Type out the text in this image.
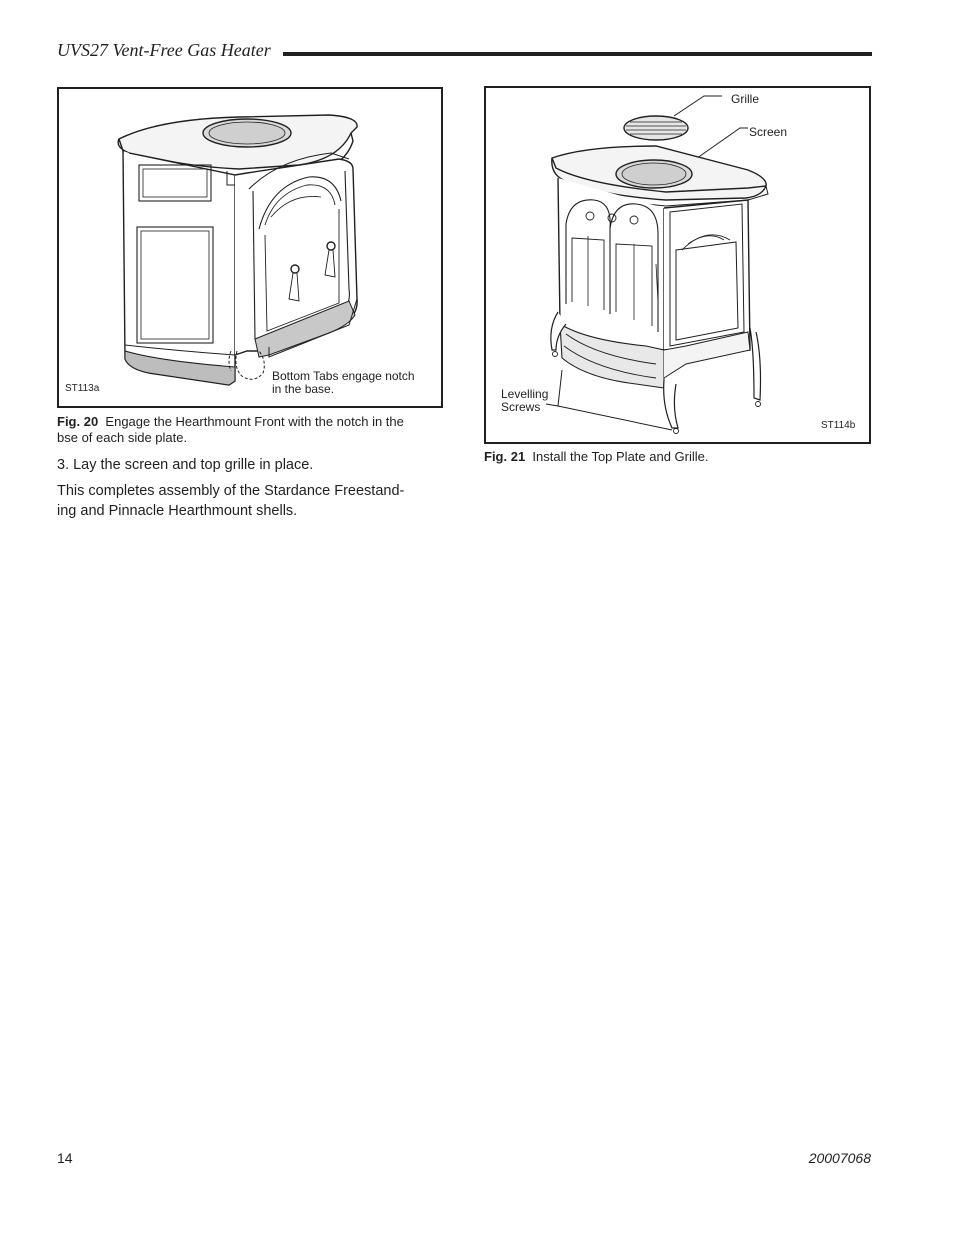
UVS27 Vent-Free Gas Heater
ST113a
Bottom Tabs engage notch
in the base.
Fig. 20 Engage the Hearthmount Front with the notch in the
bse of each side plate.
3. Lay the screen and top grille in place.
This completes assembly of the Stardance Freestand-
ing and Pinnacle Hearthmount shells.
Grille
Screen
Levelling
Screws
ST114b
Fig. 21 Install the Top Plate and Grille.
14	20007068
